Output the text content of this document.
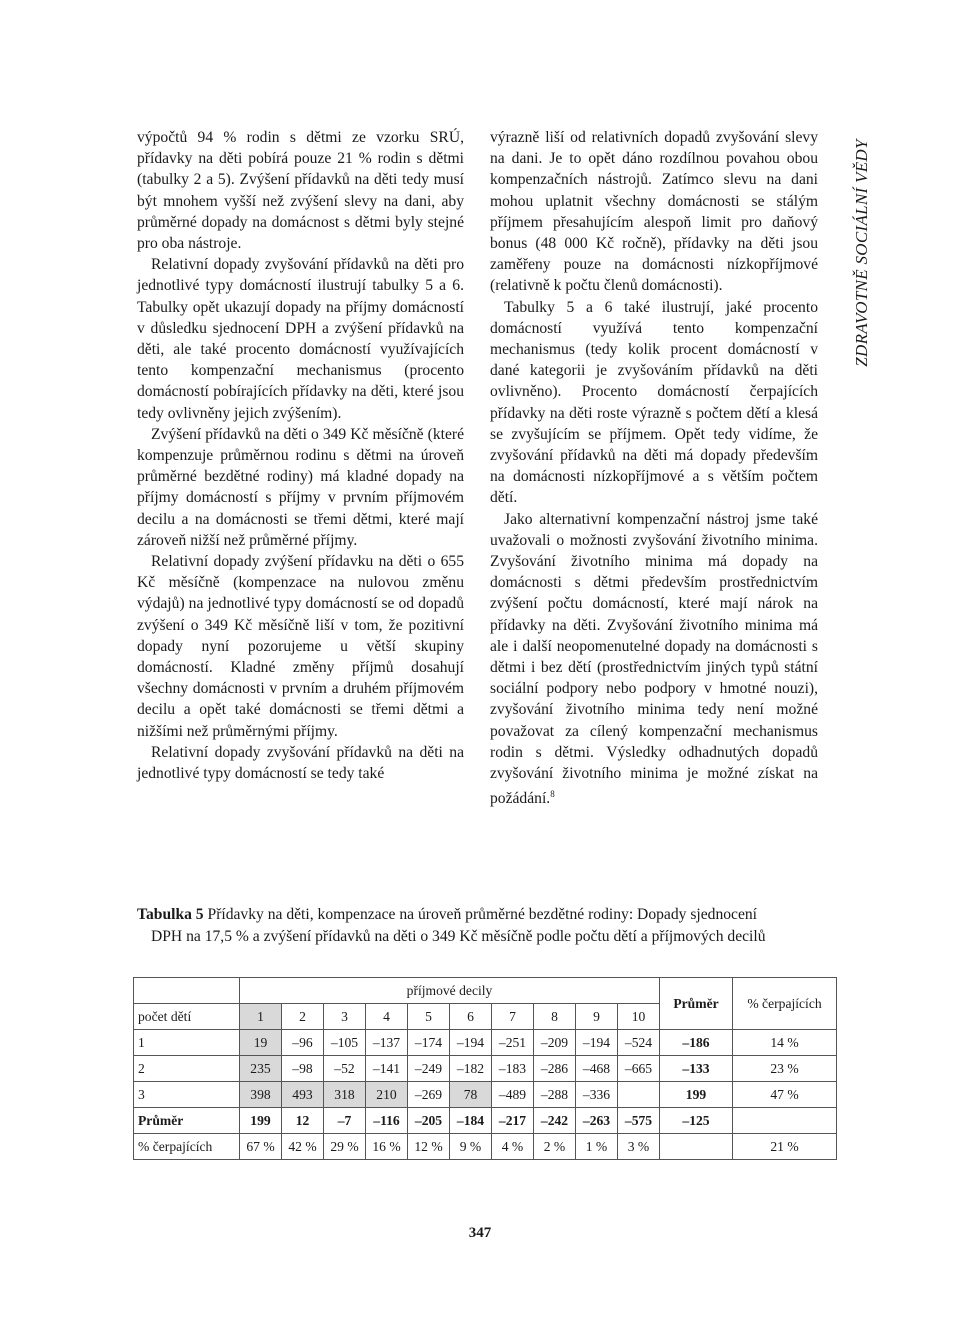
výpočtů 94 % rodin s dětmi ze vzorku SRÚ, přídavky na děti pobírá pouze 21 % rodin s dětmi (tabulky 2 a 5). Zvýšení přídavků na děti tedy musí být mnohem vyšší než zvýšení slevy na dani, aby průměrné dopady na domácnost s dětmi byly stejné pro oba nástroje.

Relativní dopady zvyšování přídavků na děti pro jednotlivé typy domácností ilustrují tabulky 5 a 6. Tabulky opět ukazují dopady na příjmy domácností v důsledku sjednocení DPH a zvýšení přídavků na děti, ale také procento domácností využívajících tento kompenzační mechanismus (procento domácností pobírajících přídavky na děti, které jsou tedy ovlivněny jejich zvýšením).

Zvýšení přídavků na děti o 349 Kč měsíčně (které kompenzuje průměrnou rodinu s dětmi na úroveň průměrné bezdětné rodiny) má kladné dopady na příjmy domácností s příjmy v prvním příjmovém decilu a na domácnosti se třemi dětmi, které mají zároveň nižší než průměrné příjmy.

Relativní dopady zvýšení přídavku na děti o 655 Kč měsíčně (kompenzace na nulovou změnu výdajů) na jednotlivé typy domácností se od dopadů zvýšení o 349 Kč měsíčně liší v tom, že pozitivní dopady nyní pozorujeme u větší skupiny domácností. Kladné změny příjmů dosahují všechny domácnosti v prvním a druhém příjmovém decilu a opět také domácnosti se třemi dětmi a nižšími než průměrnými příjmy.

Relativní dopady zvyšování přídavků na děti na jednotlivé typy domácností se tedy také

výrazně liší od relativních dopadů zvyšování slevy na dani. Je to opět dáno rozdílnou povahou obou kompenzačních nástrojů. Zatímco slevu na dani mohou uplatnit všechny domácnosti se stálým příjmem přesahujícím alespoň limit pro daňový bonus (48 000 Kč ročně), přídavky na děti jsou zaměřeny pouze na domácnosti nízkopříjmové (relativně k počtu členů domácnosti).

Tabulky 5 a 6 také ilustrují, jaké procento domácností využívá tento kompenzační mechanismus (tedy kolik procent domácností v dané kategorii je zvyšováním přídavků na děti ovlivněno). Procento domácností čerpajících přídavky na děti roste výrazně s počtem dětí a klesá se zvyšujícím se příjmem. Opět tedy vidíme, že zvyšování přídavků na děti má dopady především na domácnosti nízkopříjmové a s větším počtem dětí.

Jako alternativní kompenzační nástroj jsme také uvažovali o možnosti zvyšování životního minima. Zvyšování životního minima má dopady na domácnosti s dětmi především prostřednictvím zvýšení počtu domácností, které mají nárok na přídavky na děti. Zvyšování životního minima má ale i další neopomenutelné dopady na domácnosti s dětmi i bez dětí (prostřednictvím jiných typů státní sociální podpory nebo podpory v hmotné nouzi), zvyšování životního minima tedy není možné považovat za cílený kompenzační mechanismus rodin s dětmi. Výsledky odhadnutých dopadů zvyšování životního minima je možné získat na požádání.$^8$

ZDRAVOTNĚ SOCIÁLNÍ VĚDY
Tabulka 5 Přídavky na děti, kompenzace na úroveň průměrné bezdětné rodiny: Dopady sjednocení
DPH na 17,5 % a zvýšení přídavků na děti o 349 Kč měsíčně podle počtu dětí a příjmových decilů
	příjmové decily										Průměr	% čerpajících
počet dětí	1	2	3	4	5	6	7	8	9	10		
1	19	–96	–105	–137	–174	–194	–251	–209	–194	–524	–186	14 %
2	235	–98	–52	–141	–249	–182	–183	–286	–468	–665	–133	23 %
3	398	493	318	210	–269	78	–489	–288	–336		199	47 %
Průměr	199	12	–7	–116	–205	–184	–217	–242	–263	–575	–125	
% čerpajících	67 %	42 %	29 %	16 %	12 %	9 %	4 %	2 %	1 %	3 %		21 %
347
